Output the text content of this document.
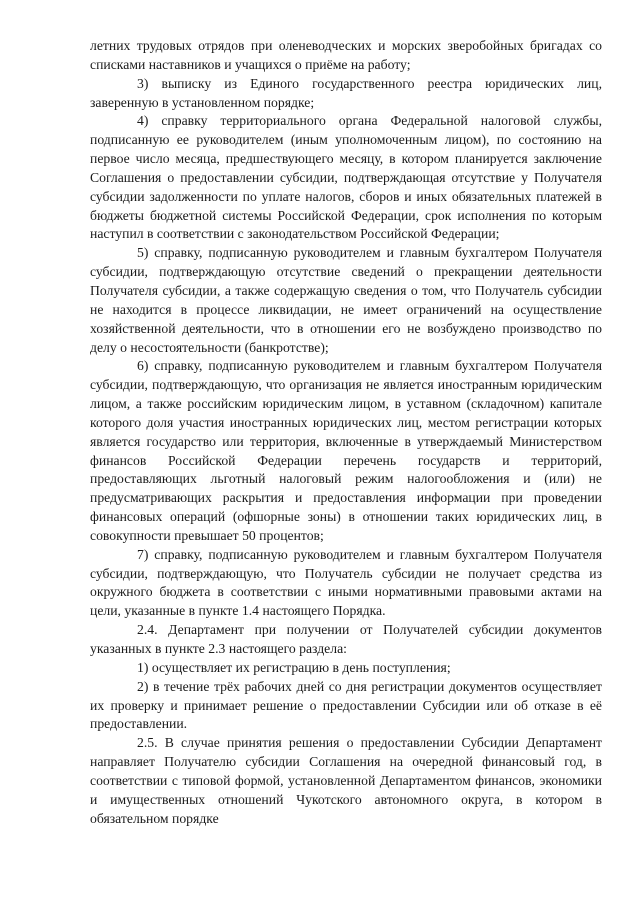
летних трудовых отрядов при оленеводческих и морских зверобойных бригадах со списками наставников и учащихся о приёме на работу;

3) выписку из Единого государственного реестра юридических лиц, заверенную в установленном порядке;

4) справку территориального органа Федеральной налоговой службы, подписанную ее руководителем (иным уполномоченным лицом), по состоянию на первое число месяца, предшествующего месяцу, в котором планируется заключение Соглашения о предоставлении субсидии, подтверждающая отсутствие у Получателя субсидии задолженности по уплате налогов, сборов и иных обязательных платежей в бюджеты бюджетной системы Российской Федерации, срок исполнения по которым наступил в соответствии с законодательством Российской Федерации;

5) справку, подписанную руководителем и главным бухгалтером Получателя субсидии, подтверждающую отсутствие сведений о прекращении деятельности Получателя субсидии, а также содержащую сведения о том, что Получатель субсидии не находится в процессе ликвидации, не имеет ограничений на осуществление хозяйственной деятельности, что в отношении его не возбуждено производство по делу о несостоятельности (банкротстве);

6) справку, подписанную руководителем и главным бухгалтером Получателя субсидии, подтверждающую, что организация не является иностранным юридическим лицом, а также российским юридическим лицом, в уставном (складочном) капитале которого доля участия иностранных юридических лиц, местом регистрации которых является государство или территория, включенные в утверждаемый Министерством финансов Российской Федерации перечень государств и территорий, предоставляющих льготный налоговый режим налогообложения и (или) не предусматривающих раскрытия и предоставления информации при проведении финансовых операций (офшорные зоны) в отношении таких юридических лиц, в совокупности превышает 50 процентов;

7) справку, подписанную руководителем и главным бухгалтером Получателя субсидии, подтверждающую, что Получатель субсидии не получает средства из окружного бюджета в соответствии с иными нормативными правовыми актами на цели, указанные в пункте 1.4 настоящего Порядка.

2.4. Департамент при получении от Получателей субсидии документов указанных в пункте 2.3 настоящего раздела:

1) осуществляет их регистрацию в день поступления;

2) в течение трёх рабочих дней со дня регистрации документов осуществляет их проверку и принимает решение о предоставлении Субсидии или об отказе в её предоставлении.

2.5. В случае принятия решения о предоставлении Субсидии Департамент направляет Получателю субсидии Соглашения на очередной финансовый год, в соответствии с типовой формой, установленной Департаментом финансов, экономики и имущественных отношений Чукотского автономного округа, в котором в обязательном порядке
